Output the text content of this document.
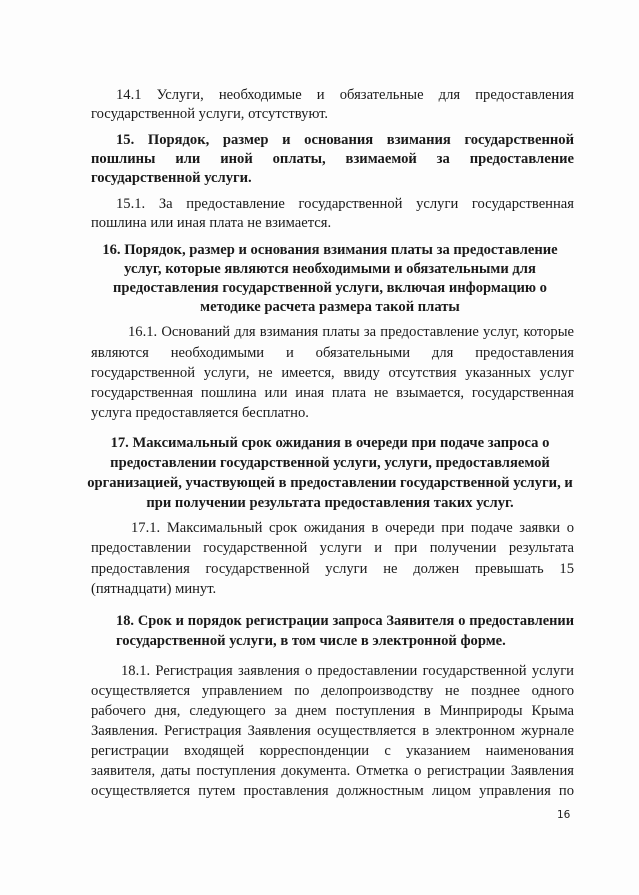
14.1 Услуги, необходимые и обязательные для предоставления
государственной услуги, отсутствуют.
15. Порядок, размер и основания взимания государственной
пошлины или иной оплаты, взимаемой за предоставление
государственной услуги.
15.1. За предоставление государственной услуги государственная
пошлина или иная плата не взимается.
16. Порядок, размер и основания взимания платы за предоставление
услуг, которые являются необходимыми и обязательными для
предоставления государственной услуги, включая информацию о
методике расчета размера такой платы
16.1. Оснований для взимания платы за предоставление услуг, которые
являются необходимыми и обязательными для предоставления
государственной услуги, не имеется, ввиду отсутствия указанных услуг
государственная пошлина или иная плата не взымается, государственная
услуга предоставляется бесплатно.
17. Максимальный срок ожидания в очереди при подаче запроса о
предоставлении государственной услуги, услуги, предоставляемой
организацией, участвующей в предоставлении государственной услуги, и
при получении результата предоставления таких услуг.
17.1. Максимальный срок ожидания в очереди при подаче заявки о
предоставлении государственной услуги и при получении результата
предоставления государственной услуги не должен превышать 15
(пятнадцати) минут.
18. Срок и порядок регистрации запроса Заявителя о предоставлении
государственной услуги, в том числе в электронной форме.
18.1. Регистрация заявления о предоставлении государственной услуги
осуществляется управлением по делопроизводству не позднее одного
рабочего дня, следующего за днем поступления в Минприроды Крыма
Заявления. Регистрация Заявления осуществляется в электронном журнале
регистрации входящей корреспонденции с указанием наименования
заявителя, даты поступления документа. Отметка о регистрации Заявления
осуществляется путем проставления должностным лицом управления по
16
